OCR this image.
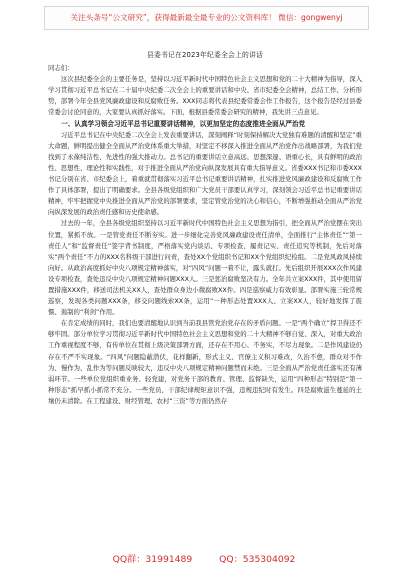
关注头条号“公文研究”，获得最新最全最专业的公文资料库！ 微信：gongwenyj
县委书记在2023年纪委全会上的讲话

同志们：

这次县纪委全会的主要任务是，坚持以习近平新时代中国特色社会主义思想和党的二十大精神为指导，深入学习贯彻习近平总书记在二十届中央纪委二次全会上的重要讲话和中央、省市纪委全会精神，总结工作、分析形势，部署今年全县党风廉政建设和反腐败任务。XXX同志将代表县纪委常委会作工作报告，这个报告是经过县委常委会讨论同意的，大家要认真抓好落实。下面，根据县委常委会研究的精神，我先讲三点意见。

一、认真学习领会习近平总书记重要讲话精神，以更加坚定的态度推进全面从严治党

习近平总书记在中央纪委二次全会上发表重要讲话，深刻阐释“时刻保持解决大党独有难题的清醒和坚定”重大命题，鲜明提出健全全面从严治党体系重大举措，对坚定不移深入推进全面从严治党作出战略部署，为我们党找到了永葆纯洁性、先进性的强大推动力。总书记的重要讲话立意高远、思想深邃、语重心长，具有鲜明的政治性、思想性、理论性和实践性，对于推进全面从严治党向纵深发展具有重大指导意义。省委XXX书记和市委XXX书记分别在省、市纪委会上，着重就贯彻落实习近平总书记重要讲话精神，扎实推进党风廉政建设和反腐败工作作了具体部署，提出了明确要求。全县各级党组织和广大党员干部要认真学习，深刻领会习近平总书记重要讲话精神，牢牢把握党中央推进全面从严治党的部署要求，坚定管党治党的决心和信心，不断增强推动全面从严治党向纵深发展的政治责任感和历史使命感。

过去的一年，全县各级党组织坚持以习近平新时代中国特色社会主义思想为指引，把全面从严治党摆在突出位置，紧抓不放。一是管党责任不断夯实。进一步细化完善党风廉政建设责任清单，全面推行“主体责任”“第一责任人”和“监督责任”签字背书制度，严格落实党内谈话、专项检查、履责记实、责任追究等机制，先后对落实“两个责任”不力的XXX名科级干部进行问责，查处XX个党组织书记和XX个党组织纪检组。二是党风政风持续向好。从政治高度抓好中央八项规定精神落实，对“四风”问题一着不让，露头就打。先后组织开展XXX次作风建设专项检查，查处违反中央八项规定精神问题XXX人。三是惩治腐败坚决有力。全年共立案XXX件，其中使用留置措施XXX件，移送司法机关XX人，查处群众身边小微腐败XX件。四是巡察威力有效彰显。部署实施三轮常规巡察，发现各类问题XXX条，移交问题线索XX条，运用“一种形态处置XXX人、立案XX人，较好地发挥了震慑、遏制的“利剑”作用。

在肯定成绩的同时，我们也要清醒地认识到当前我县管党治党存在的矛盾问题。一是“两个确立”捍卫得还不够牢固。部分单位学习贯彻习近平新时代中国特色社会主义思想和党的二十大精神不够自觉、深入，对重大政治工作重视程度不够，有传单位在贯彻上级决策部署方面，还存在不用心、不务实、不尽力现象。二是作风建设仍存在不严不实现象。“四风”问题隐蔽潜伏，花样翻新，形式主义、官僚主义积习难改，久治不愈，群众对不作为、慢作为、乱作为等问题反映较大，违反中央八项规定精神问题禁而未绝。三是全面从严治党责任落实还有薄弱环节。一些单位党组织重业务、轻党建，对党务干部的教育、管理、监督缺失，运用“四种形态”特别是“第一种形态”抓早抓小抓常不充分。一些党员、干部纪律规矩意识不强，违规违纪时有发生。四是腐败滋生蔓延的土壤仍未清除。在工程建设、财经管理、农村“三资”等方面仍然存

QQ群：31991489	QQ：535304092
